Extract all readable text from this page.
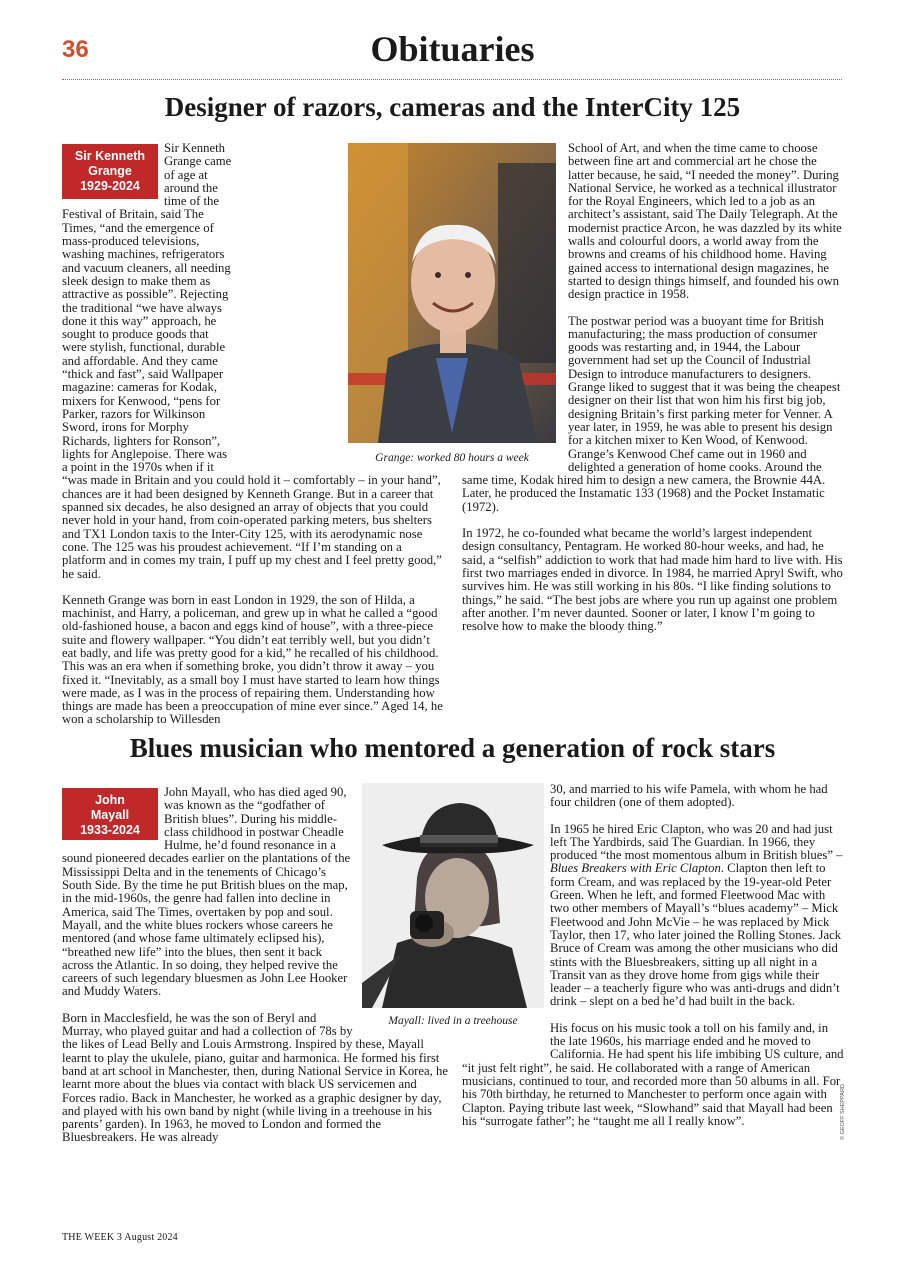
36	Obituaries
Designer of razors, cameras and the InterCity 125
Sir Kenneth
Grange
1929-2024
Sir Kenneth Grange came of age at around the time of the Festival of Britain, said The Times, “and the emergence of mass-produced televisions, washing machines, refrigerators and vacuum cleaners, all needing sleek design to make them as attractive as possible”. Rejecting the traditional “we have always done it this way” approach, he sought to produce goods that were stylish, functional, durable and affordable. And they came “thick and fast”, said Wallpaper magazine: cameras for Kodak, mixers for Kenwood, “pens for Parker, razors for Wilkinson Sword, irons for Morphy Richards, lighters for Ronson”, lights for Anglepoise. There was a point in the 1970s when if it “was made in Britain and you could hold it – comfortably – in your hand”, chances are it had been designed by Kenneth Grange. But in a career that spanned six decades, he also designed an array of objects that you could never hold in your hand, from coin-operated parking meters, bus shelters and TX1 London taxis to the Inter-City 125, with its aerodynamic nose cone. The 125 was his proudest achievement. “If I’m standing on a platform and in comes my train, I puff up my chest and I feel pretty good,” he said.
Kenneth Grange was born in east London in 1929, the son of Hilda, a machinist, and Harry, a policeman, and grew up in what he called a “good old-fashioned house, a bacon and eggs kind of house”, with a three-piece suite and flowery wallpaper. “You didn’t eat terribly well, but you didn’t eat badly, and life was pretty good for a kid,” he recalled of his childhood. This was an era when if something broke, you didn’t throw it away – you fixed it. “Inevitably, as a small boy I must have started to learn how things were made, as I was in the process of repairing them. Understanding how things are made has been a preoccupation of mine ever since.” Aged 14, he won a scholarship to Willesden
Grange: worked 80 hours a week
School of Art, and when the time came to choose between fine art and commercial art he chose the latter because, he said, “I needed the money”. During National Service, he worked as a technical illustrator for the Royal Engineers, which led to a job as an architect’s assistant, said The Daily Telegraph. At the modernist practice Arcon, he was dazzled by its white walls and colourful doors, a world away from the browns and creams of his childhood home. Having gained access to international design magazines, he started to design things himself, and founded his own design practice in 1958.
The postwar period was a buoyant time for British manufacturing; the mass production of consumer goods was restarting and, in 1944, the Labour government had set up the Council of Industrial Design to introduce manufacturers to designers. Grange liked to suggest that it was being the cheapest designer on their list that won him his first big job, designing Britain’s first parking meter for Venner. A year later, in 1959, he was able to present his design for a kitchen mixer to Ken Wood, of Kenwood. Grange’s Kenwood Chef came out in 1960 and delighted a generation of home cooks. Around the same time, Kodak hired him to design a new camera, the Brownie 44A. Later, he produced the Instamatic 133 (1968) and the Pocket Instamatic (1972).
In 1972, he co-founded what became the world’s largest independent design consultancy, Pentagram. He worked 80-hour weeks, and had, he said, a “selfish” addiction to work that had made him hard to live with. His first two marriages ended in divorce. In 1984, he married Apryl Swift, who survives him. He was still working in his 80s. “I like finding solutions to things,” he said. “The best jobs are where you run up against one problem after another. I’m never daunted. Sooner or later, I know I’m going to resolve how to make the bloody thing.”
Blues musician who mentored a generation of rock stars
John
Mayall
1933-2024
John Mayall, who has died aged 90, was known as the “godfather of British blues”. During his middle-class childhood in postwar Cheadle Hulme, he’d found resonance in a sound pioneered decades earlier on the plantations of the Mississippi Delta and in the tenements of Chicago’s South Side. By the time he put British blues on the map, in the mid-1960s, the genre had fallen into decline in America, said The Times, overtaken by pop and soul. Mayall, and the white blues rockers whose careers he mentored (and whose fame ultimately eclipsed his), “breathed new life” into the blues, then sent it back across the Atlantic. In so doing, they helped revive the careers of such legendary bluesmen as John Lee Hooker and Muddy Waters.
Born in Macclesfield, he was the son of Beryl and Murray, who played guitar and had a collection of 78s by the likes of Lead Belly and Louis Armstrong. Inspired by these, Mayall learnt to play the ukulele, piano, guitar and harmonica. He formed his first band at art school in Manchester, then, during National Service in Korea, he learnt more about the blues via contact with black US servicemen and Forces radio. Back in Manchester, he worked as a graphic designer by day, and played with his own band by night (while living in a treehouse in his parents’ garden). In 1963, he moved to London and formed the Bluesbreakers. He was already
Mayall: lived in a treehouse
30, and married to his wife Pamela, with whom he had four children (one of them adopted).
In 1965 he hired Eric Clapton, who was 20 and had just left The Yardbirds, said The Guardian. In 1966, they produced “the most momentous album in British blues” – Blues Breakers with Eric Clapton. Clapton then left to form Cream, and was replaced by the 19-year-old Peter Green. When he left, and formed Fleetwood Mac with two other members of Mayall’s “blues academy” – Mick Fleetwood and John McVie – he was replaced by Mick Taylor, then 17, who later joined the Rolling Stones. Jack Bruce of Cream was among the other musicians who did stints with the Bluesbreakers, sitting up all night in a Transit van as they drove home from gigs while their leader – a teacherly figure who was anti-drugs and didn’t drink – slept on a bed he’d had built in the back.
His focus on his music took a toll on his family and, in the late 1960s, his marriage ended and he moved to California. He had spent his life imbibing US culture, and “it just felt right”, he said. He collaborated with a range of American musicians, continued to tour, and recorded more than 50 albums in all. For his 70th birthday, he returned to Manchester to perform once again with Clapton. Paying tribute last week, “Slowhand” said that Mayall had been his “surrogate father”; he “taught me all I really know”.	© GEOFF SHEPPARD
THE WEEK 3 August 2024
